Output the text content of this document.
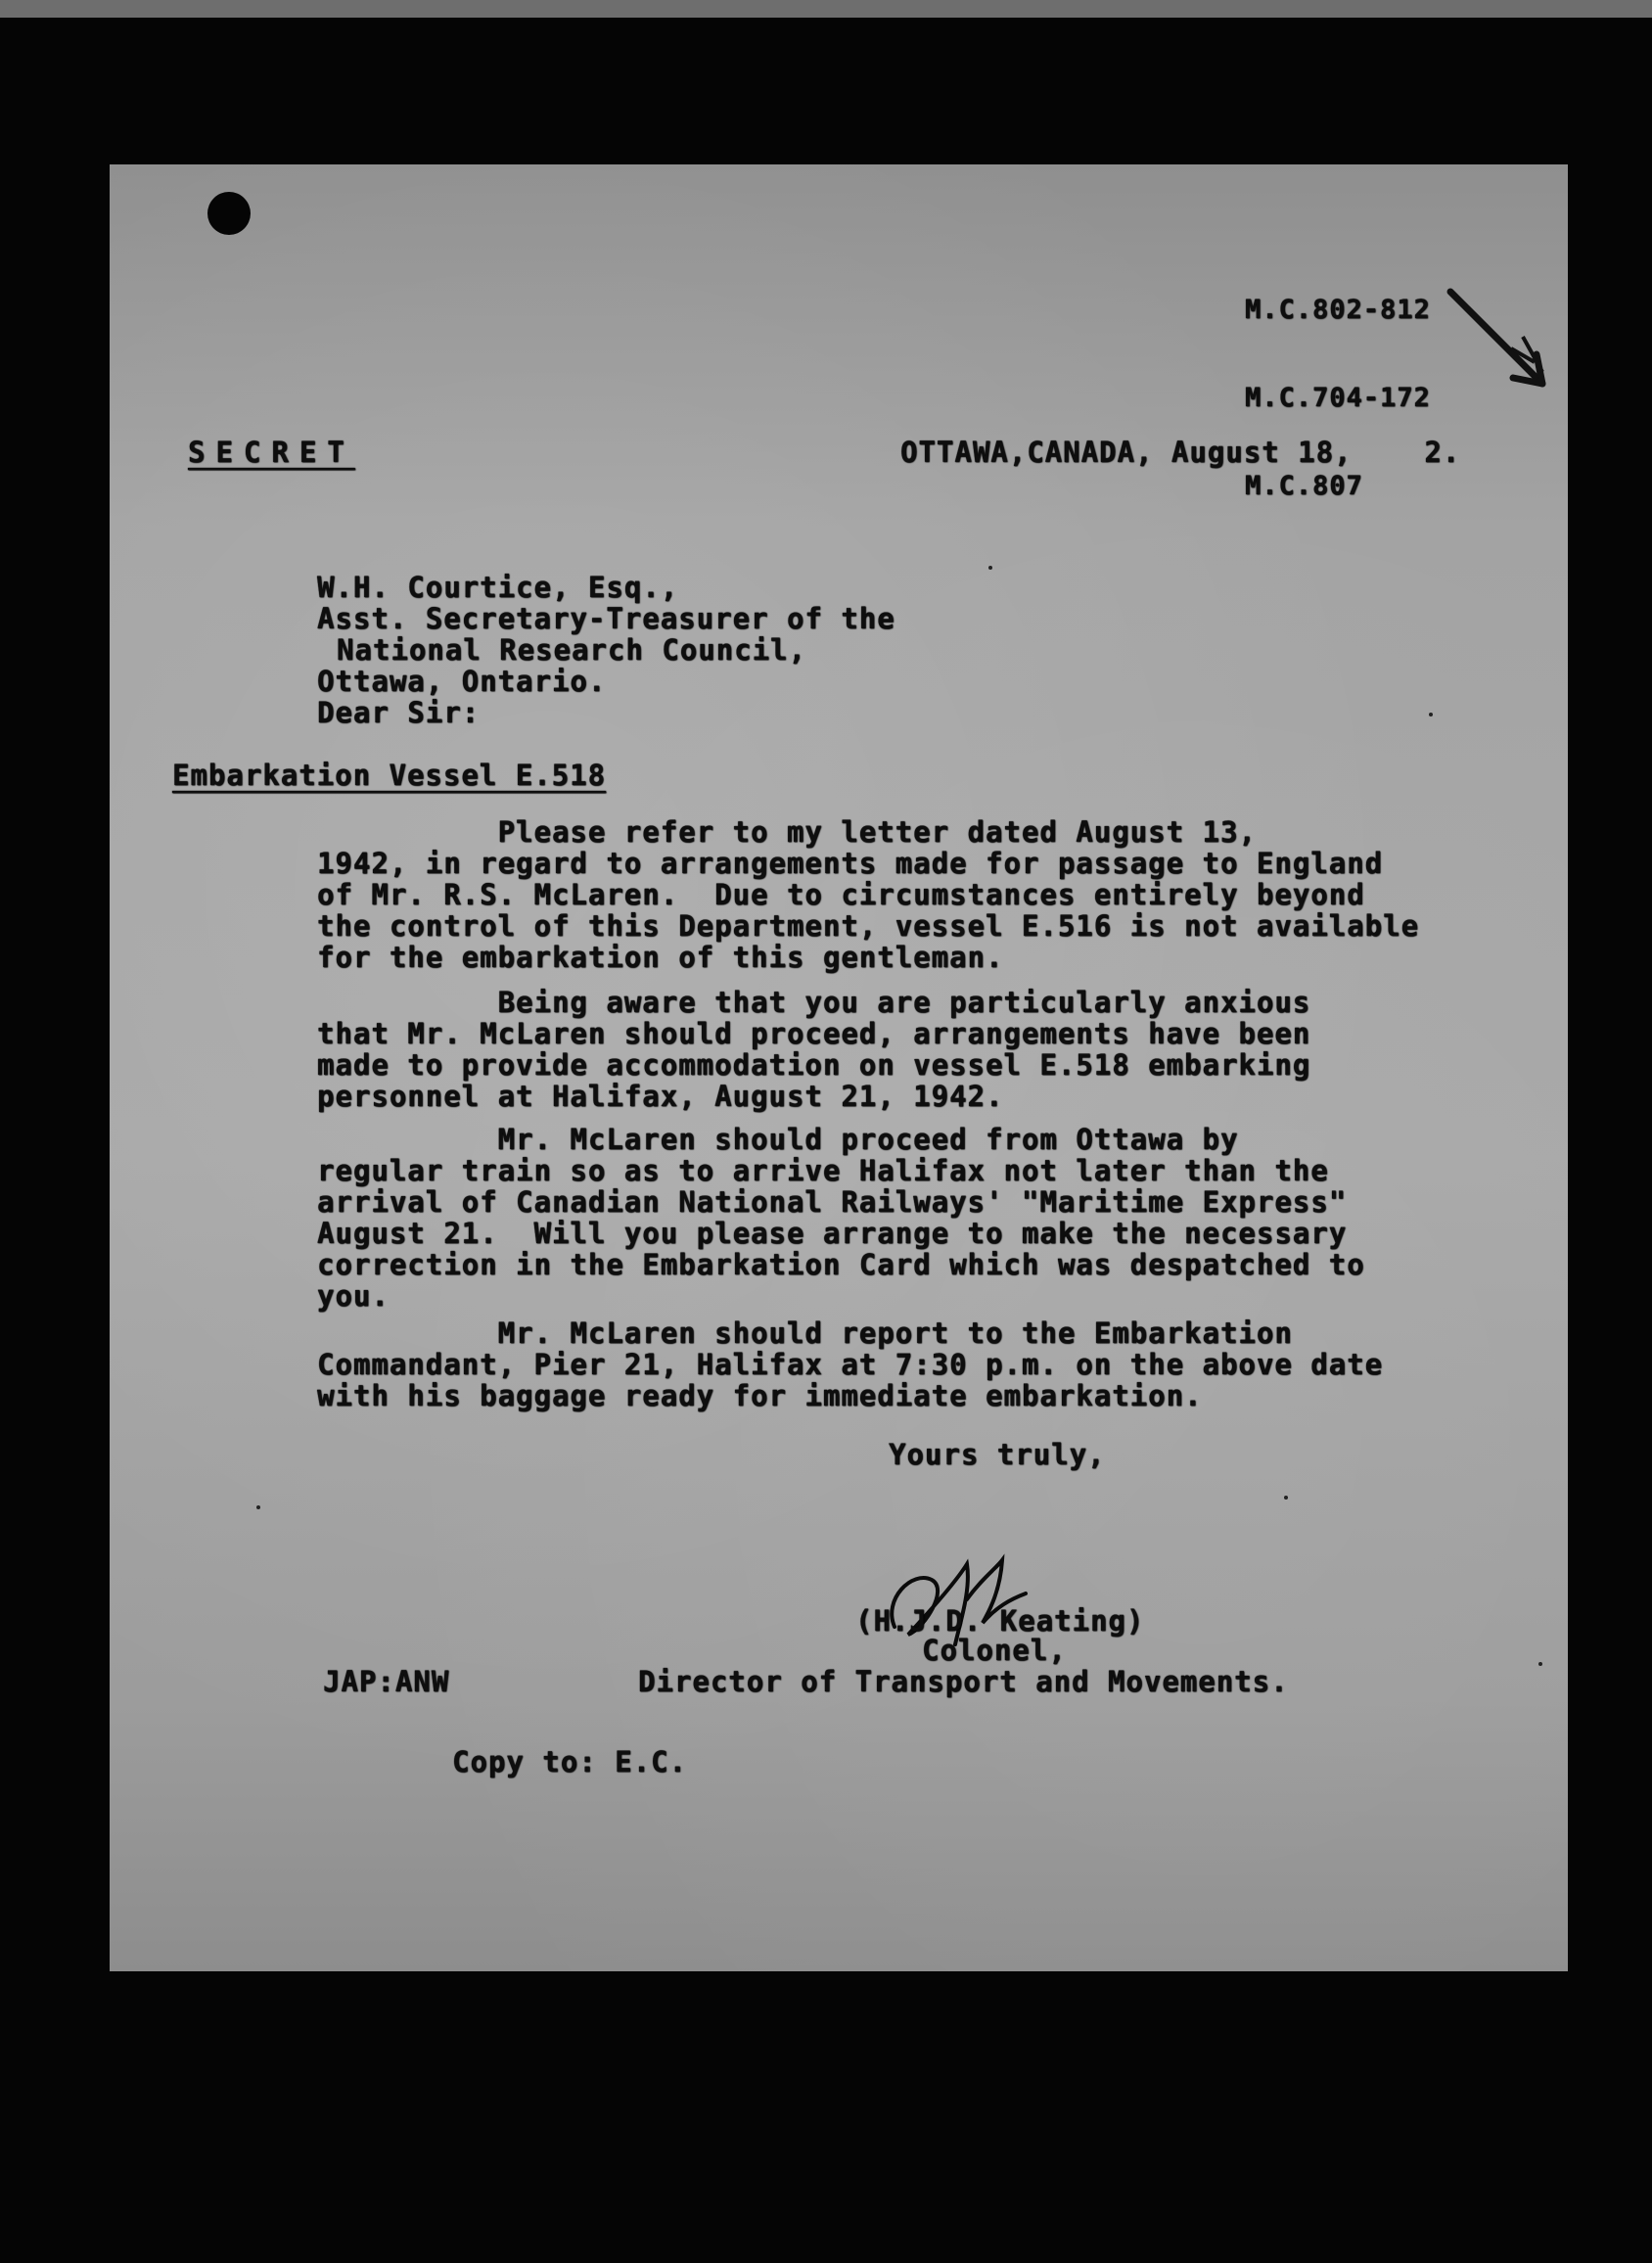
M.C.802-812

M.C.704-172

M.C.807

SECRET	OTTAWA,CANADA, August 18,    2.
W.H. Courtice, Esq.,
Asst. Secretary-Treasurer of the
National Research Council,
Ottawa, Ontario.
Dear Sir:
Embarkation Vessel E.518
Please refer to my letter dated August 13,
1942, in regard to arrangements made for passage to England
of Mr. R.S. McLaren.  Due to circumstances entirely beyond
the control of this Department, vessel E.516 is not available
for the embarkation of this gentleman.
Being aware that you are particularly anxious
that Mr. McLaren should proceed, arrangements have been
made to provide accommodation on vessel E.518 embarking
personnel at Halifax, August 21, 1942.
Mr. McLaren should proceed from Ottawa by
regular train so as to arrive Halifax not later than the
arrival of Canadian National Railways' "Maritime Express"
August 21.  Will you please arrange to make the necessary
correction in the Embarkation Card which was despatched to
you.
Mr. McLaren should report to the Embarkation
Commandant, Pier 21, Halifax at 7:30 p.m. on the above date
with his baggage ready for immediate embarkation.
Yours truly,
(H.J.D. Keating)
Colonel,
JAP:ANW	Director of Transport and Movements.
Copy to: E.C.
